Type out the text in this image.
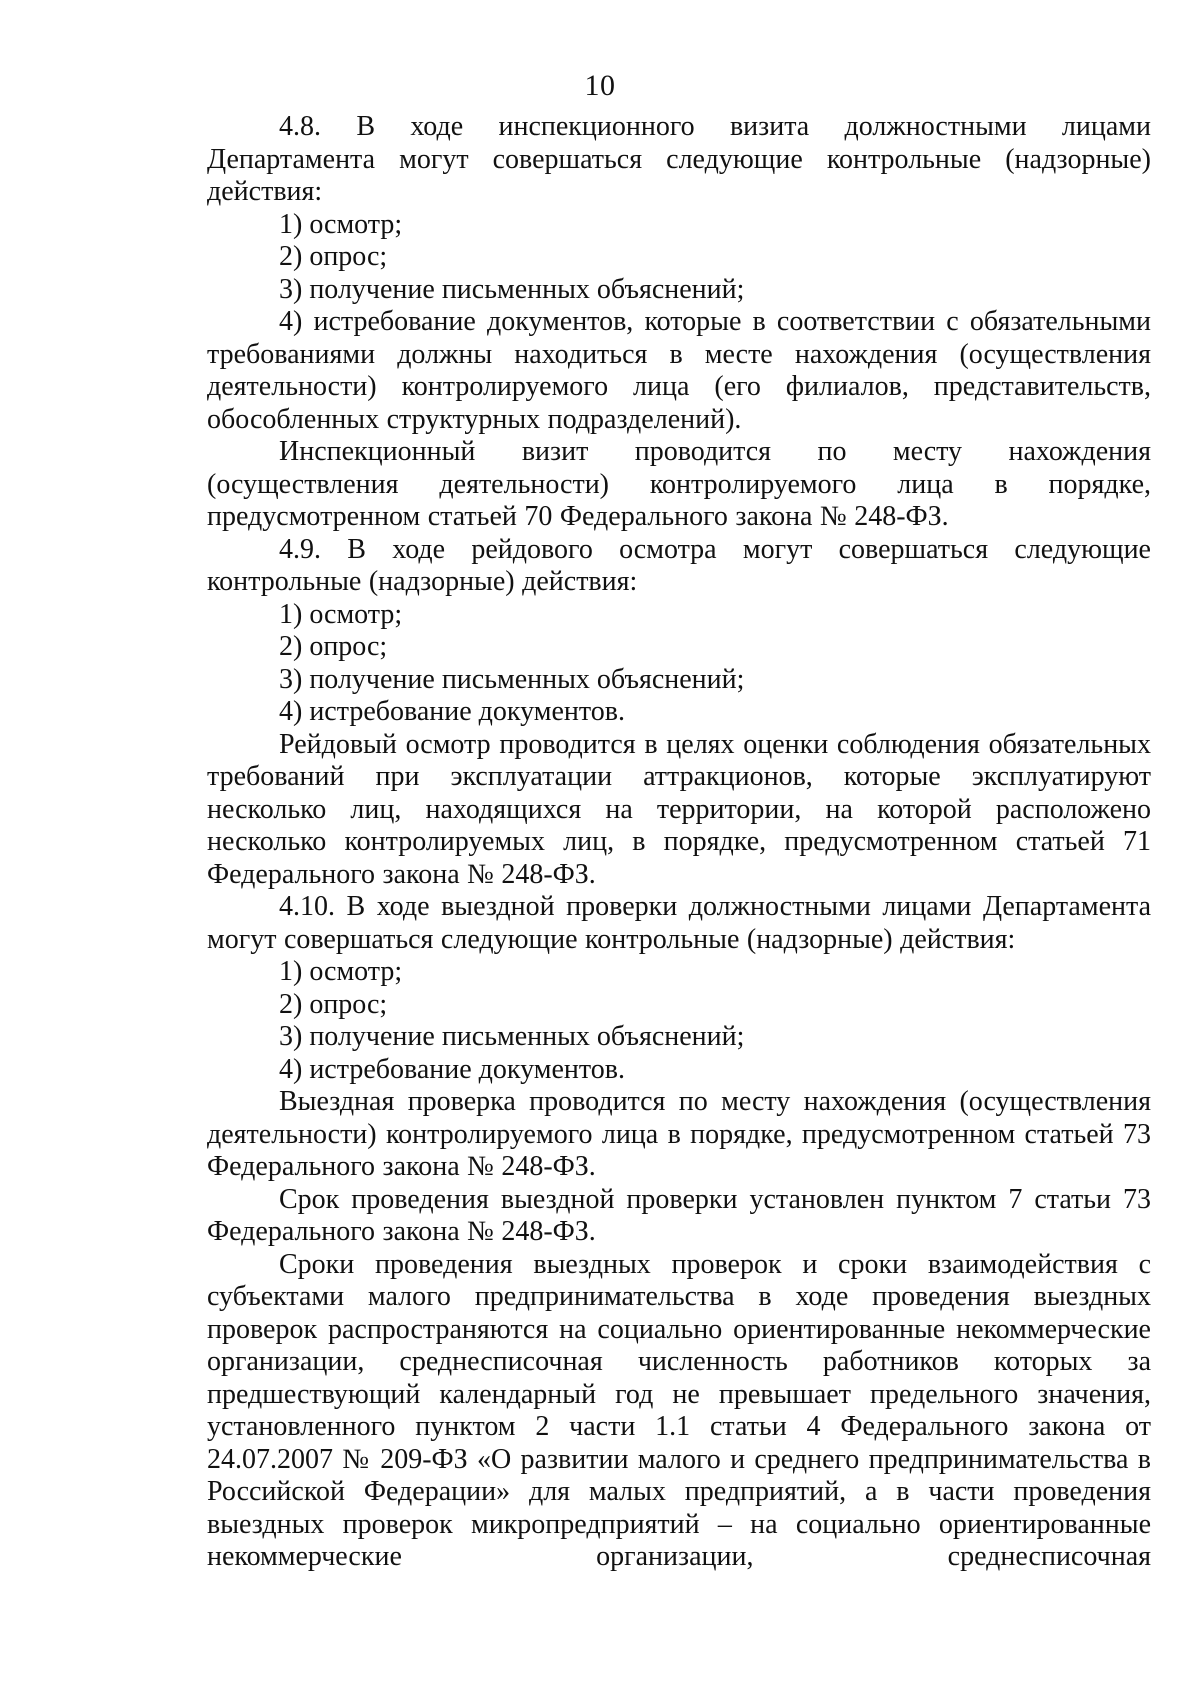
10

4.8. В ходе инспекционного визита должностными лицами Департамента могут совершаться следующие контрольные (надзорные) действия:

1) осмотр;

2) опрос;

3) получение письменных объяснений;

4) истребование документов, которые в соответствии с обязательными требованиями должны находиться в месте нахождения (осуществления деятельности) контролируемого лица (его филиалов, представительств, обособленных структурных подразделений).

Инспекционный визит проводится по месту нахождения (осуществления деятельности) контролируемого лица в порядке, предусмотренном статьей 70 Федерального закона № 248-ФЗ.

4.9. В ходе рейдового осмотра могут совершаться следующие контрольные (надзорные) действия:

1) осмотр;

2) опрос;

3) получение письменных объяснений;

4) истребование документов.

Рейдовый осмотр проводится в целях оценки соблюдения обязательных требований при эксплуатации аттракционов, которые эксплуатируют несколько лиц, находящихся на территории, на которой расположено несколько контролируемых лиц, в порядке, предусмотренном статьей 71 Федерального закона № 248-ФЗ.

4.10. В ходе выездной проверки должностными лицами Департамента могут совершаться следующие контрольные (надзорные) действия:

1) осмотр;

2) опрос;

3) получение письменных объяснений;

4) истребование документов.

Выездная проверка проводится по месту нахождения (осуществления деятельности) контролируемого лица в порядке, предусмотренном статьей 73 Федерального закона № 248-ФЗ.

Срок проведения выездной проверки установлен пунктом 7 статьи 73 Федерального закона № 248-ФЗ.

Сроки проведения выездных проверок и сроки взаимодействия с субъектами малого предпринимательства в ходе проведения выездных проверок распространяются на социально ориентированные некоммерческие организации, среднесписочная численность работников которых за предшествующий календарный год не превышает предельного значения, установленного пунктом 2 части 1.1 статьи 4 Федерального закона от 24.07.2007 № 209-ФЗ «О развитии малого и среднего предпринимательства в Российской Федерации» для малых предприятий, а в части проведения выездных проверок микропредприятий – на социально ориентированные некоммерческие организации, среднесписочная
